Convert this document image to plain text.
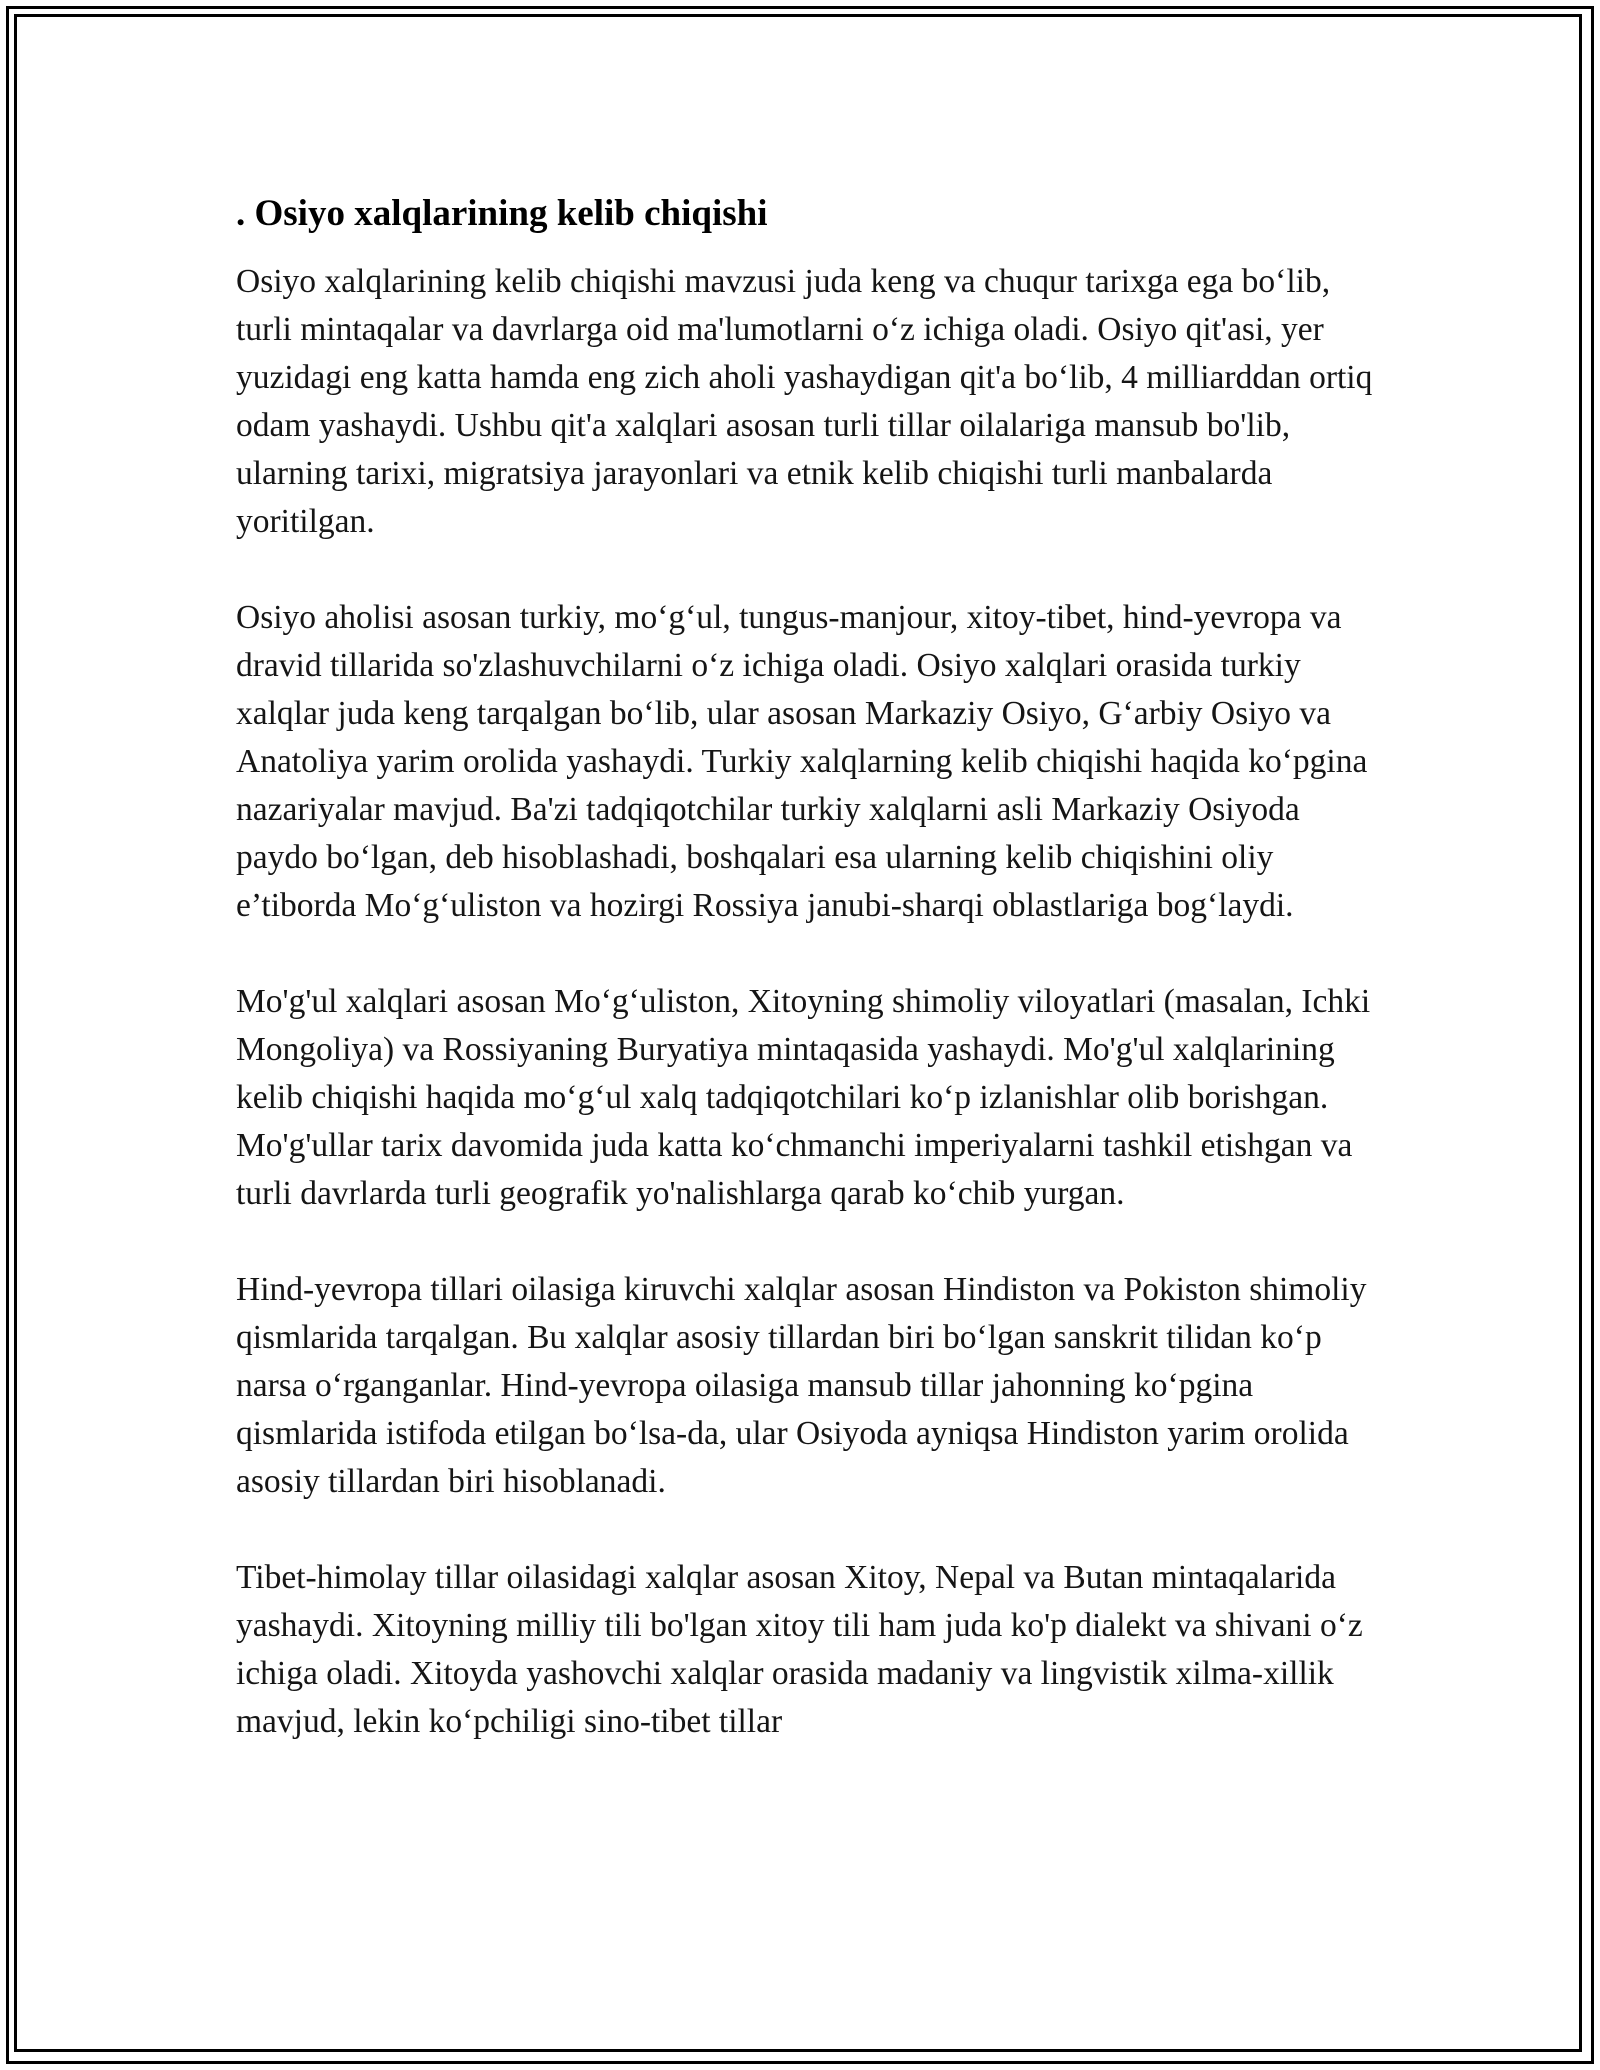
. Osiyo xalqlarining kelib chiqishi

Osiyo xalqlarining kelib chiqishi mavzusi juda keng va chuqur tarixga ega bo‘lib, turli mintaqalar va davrlarga oid ma'lumotlarni o‘z ichiga oladi. Osiyo qit'asi, yer yuzidagi eng katta hamda eng zich aholi yashaydigan qit'a bo‘lib, 4 milliarddan ortiq odam yashaydi. Ushbu qit'a xalqlari asosan turli tillar oilalariga mansub bo'lib, ularning tarixi, migratsiya jarayonlari va etnik kelib chiqishi turli manbalarda yoritilgan.

Osiyo aholisi asosan turkiy, mo‘g‘ul, tungus-manjour, xitoy-tibet, hind-yevropa va dravid tillarida so'zlashuvchilarni o‘z ichiga oladi. Osiyo xalqlari orasida turkiy xalqlar juda keng tarqalgan bo‘lib, ular asosan Markaziy Osiyo, G‘arbiy Osiyo va Anatoliya yarim orolida yashaydi. Turkiy xalqlarning kelib chiqishi haqida ko‘pgina nazariyalar mavjud. Ba'zi tadqiqotchilar turkiy xalqlarni asli Markaziy Osiyoda paydo bo‘lgan, deb hisoblashadi, boshqalari esa ularning kelib chiqishini oliy e’tiborda Mo‘g‘uliston va hozirgi Rossiya janubi-sharqi oblastlariga bog‘laydi.

Mo'g'ul xalqlari asosan Mo‘g‘uliston, Xitoyning shimoliy viloyatlari (masalan, Ichki Mongoliya) va Rossiyaning Buryatiya mintaqasida yashaydi. Mo'g'ul xalqlarining kelib chiqishi haqida mo‘g‘ul xalq tadqiqotchilari ko‘p izlanishlar olib borishgan. Mo'g'ullar tarix davomida juda katta ko‘chmanchi imperiyalarni tashkil etishgan va turli davrlarda turli geografik yo'nalishlarga qarab ko‘chib yurgan.

Hind-yevropa tillari oilasiga kiruvchi xalqlar asosan Hindiston va Pokiston shimoliy qismlarida tarqalgan. Bu xalqlar asosiy tillardan biri bo‘lgan sanskrit tilidan ko‘p narsa o‘rganganlar. Hind-yevropa oilasiga mansub tillar jahonning ko‘pgina qismlarida istifoda etilgan bo‘lsa-da, ular Osiyoda ayniqsa Hindiston yarim orolida asosiy tillardan biri hisoblanadi.

Tibet-himolay tillar oilasidagi xalqlar asosan Xitoy, Nepal va Butan mintaqalarida yashaydi. Xitoyning milliy tili bo'lgan xitoy tili ham juda ko'p dialekt va shivani o‘z ichiga oladi. Xitoyda yashovchi xalqlar orasida madaniy va lingvistik xilma-xillik mavjud, lekin ko‘pchiligi sino-tibet tillar
